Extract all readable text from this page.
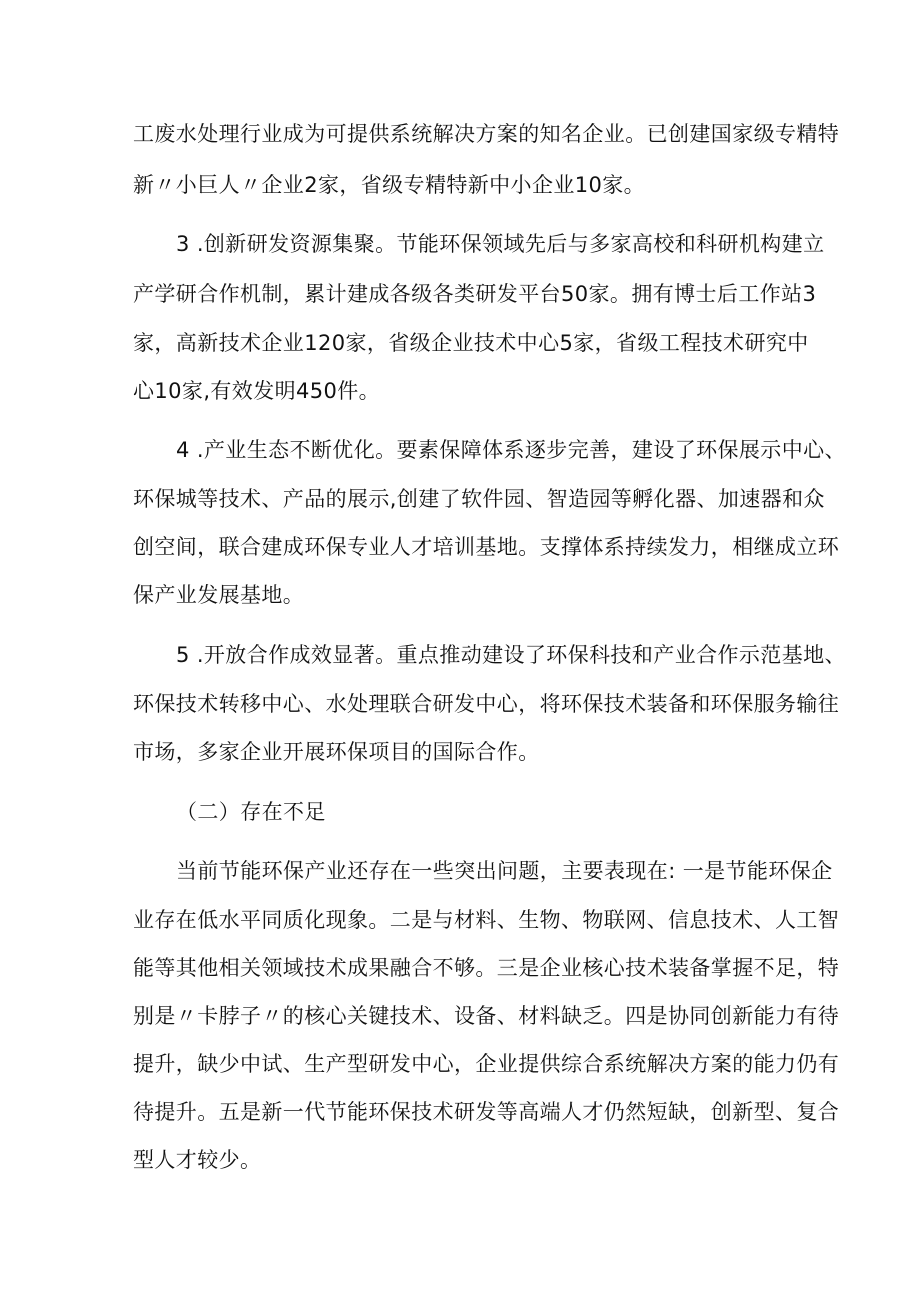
工废水处理行业成为可提供系统解决方案的知名企业。已创建国家级专精特
新〃小巨人〃企业2家，省级专精特新中小企业10家。
3 .创新研发资源集聚。节能环保领域先后与多家高校和科研机构建立
产学研合作机制，累计建成各级各类研发平台50家。拥有博士后工作站3
家，高新技术企业120家，省级企业技术中心5家，省级工程技术研究中
心10家,有效发明450件。
4 .产业生态不断优化。要素保障体系逐步完善，建设了环保展示中心、
环保城等技术、产品的展示,创建了软件园、智造园等孵化器、加速器和众
创空间，联合建成环保专业人才培训基地。支撑体系持续发力，相继成立环
保产业发展基地。
5 .开放合作成效显著。重点推动建设了环保科技和产业合作示范基地、
环保技术转移中心、水处理联合研发中心，将环保技术装备和环保服务输往
市场，多家企业开展环保项目的国际合作。
（二）存在不足
当前节能环保产业还存在一些突出问题，主要表现在: 一是节能环保企
业存在低水平同质化现象。二是与材料、生物、物联网、信息技术、人工智
能等其他相关领域技术成果融合不够。三是企业核心技术装备掌握不足，特
别是〃卡脖子〃的核心关键技术、设备、材料缺乏。四是协同创新能力有待
提升，缺少中试、生产型研发中心，企业提供综合系统解决方案的能力仍有
待提升。五是新一代节能环保技术研发等高端人才仍然短缺，创新型、复合
型人才较少。
